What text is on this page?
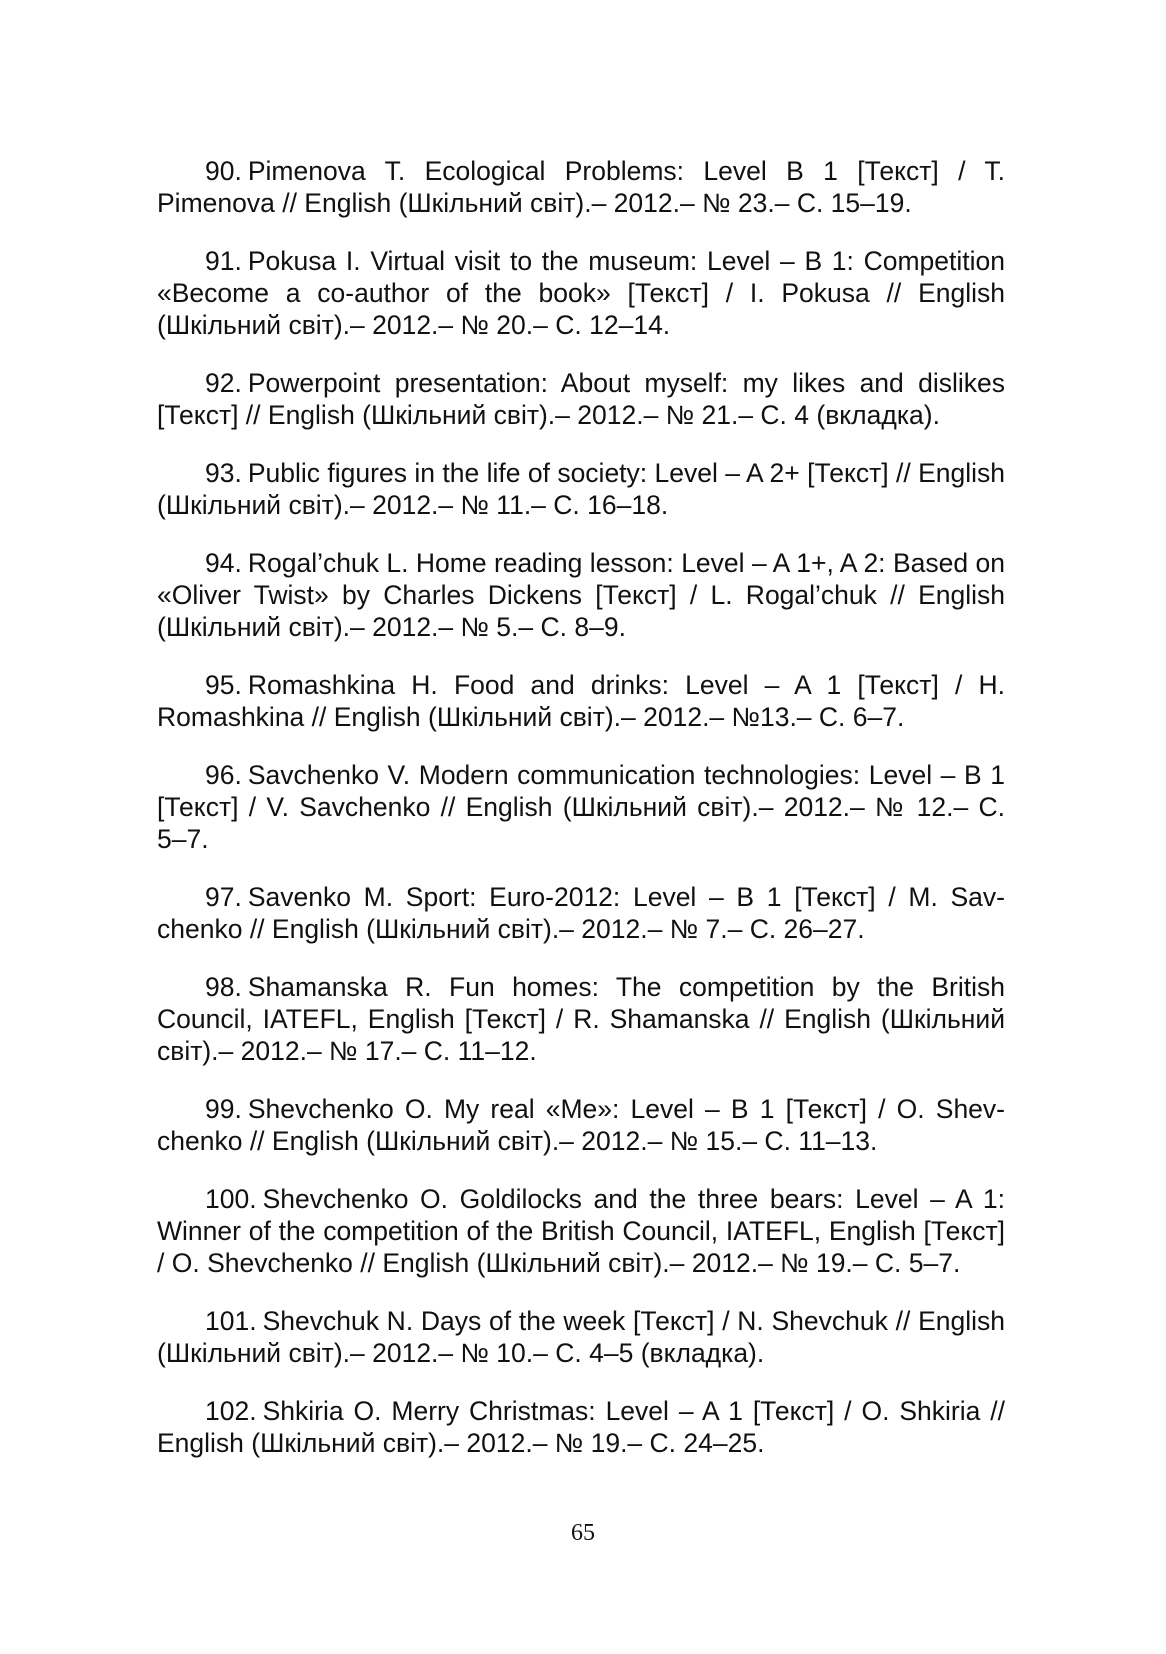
90. Pimenova T. Ecological Problems: Level B 1 [Текст] / T. Pimenova // English (Шкільний світ).– 2012.– № 23.– С. 15–19.

91. Pokusa I. Virtual visit to the museum: Level – B 1: Competition «Become a co-author of the book» [Текст] / I. Pokusa // English (Шкільний світ).– 2012.– № 20.– С. 12–14.

92. Powerpoint presentation: About myself: my likes and dislikes [Текст] // English (Шкільний світ).– 2012.– № 21.– С. 4 (вкладка).

93. Public figures in the life of society: Level – A 2+ [Текст] // English (Шкільний світ).– 2012.– № 11.– С. 16–18.

94. Rogal’chuk L. Home reading lesson: Level – A 1+, A 2: Based on «Oliver Twist» by Charles Dickens [Текст] / L. Rogal’chuk // English (Шкільний світ).– 2012.– № 5.– С. 8–9.

95. Romashkina H. Food and drinks: Level – A 1 [Текст] / H. Romashkina // English (Шкільний світ).– 2012.– №13.– С. 6–7.

96. Savchenko V. Modern communication technologies: Level – B 1 [Текст] / V. Savchenko // English (Шкільний світ).– 2012.– № 12.– С. 5–7.

97. Savenko M. Sport: Euro-2012: Level – B 1 [Текст] / M. Savchenko // English (Шкільний світ).– 2012.– № 7.– С. 26–27.

98. Shamanska R. Fun homes: The competition by the British Council, IATEFL, English [Текст] / R. Shamanska // English (Шкільний світ).– 2012.– № 17.– С. 11–12.

99. Shevchenko O. My real «Me»: Level – B 1 [Текст] / O. Shevchenko // English (Шкільний світ).– 2012.– № 15.– С. 11–13.

100. Shevchenko O. Goldilocks and the three bears: Level – A 1: Winner of the competition of the British Council, IATEFL, English [Текст] / O. Shevchenko // English (Шкільний світ).– 2012.– № 19.– С. 5–7.

101. Shevchuk N. Days of the week [Текст] / N. Shevchuk // English (Шкільний світ).– 2012.– № 10.– С. 4–5 (вкладка).

102. Shkiria O. Merry Christmas: Level – A 1 [Текст] / O. Shkiria // English (Шкільний світ).– 2012.– № 19.– С. 24–25.

65
